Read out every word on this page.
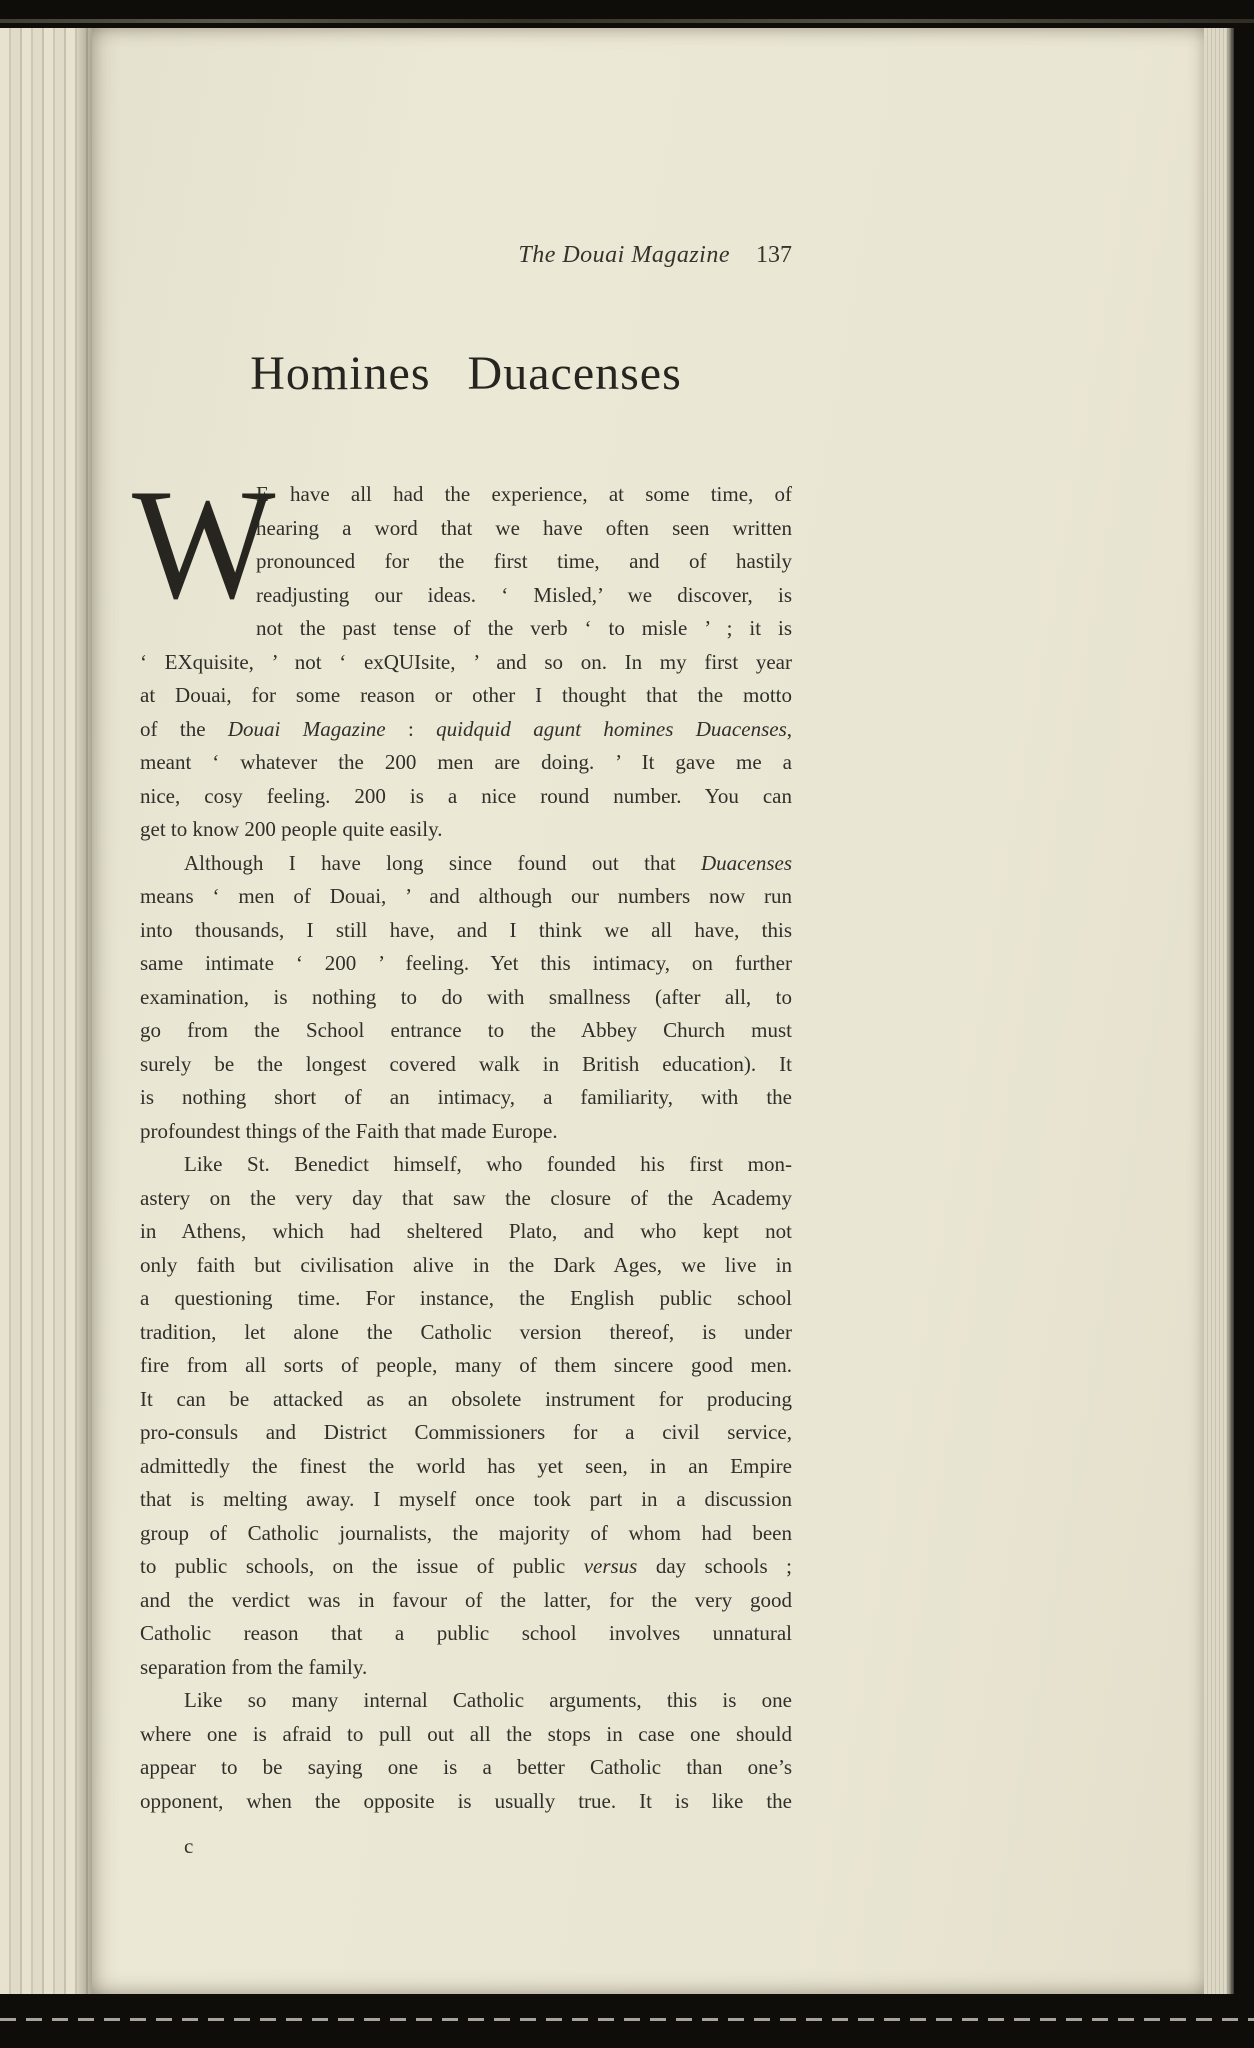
The Douai Magazine 137
Homines Duacenses
W
E have all had the experience, at some time, of
hearing a word that we have often seen written
pronounced for the first time, and of hastily
readjusting our ideas. ‘ Misled,’ we discover, is
not the past tense of the verb ‘ to misle ’ ; it is
‘ EXquisite, ’ not ‘ exQUIsite, ’ and so on. In my first year
at Douai, for some reason or other I thought that the motto
of the Douai Magazine : quidquid agunt homines Duacenses,
meant ‘ whatever the 200 men are doing. ’ It gave me a
nice, cosy feeling. 200 is a nice round number. You can
get to know 200 people quite easily.
Although I have long since found out that Duacenses
means ‘ men of Douai, ’ and although our numbers now run
into thousands, I still have, and I think we all have, this
same intimate ‘ 200 ’ feeling. Yet this intimacy, on further
examination, is nothing to do with smallness (after all, to
go from the School entrance to the Abbey Church must
surely be the longest covered walk in British education). It
is nothing short of an intimacy, a familiarity, with the
profoundest things of the Faith that made Europe.
Like St. Benedict himself, who founded his first mon-
astery on the very day that saw the closure of the Academy
in Athens, which had sheltered Plato, and who kept not
only faith but civilisation alive in the Dark Ages, we live in
a questioning time. For instance, the English public school
tradition, let alone the Catholic version thereof, is under
fire from all sorts of people, many of them sincere good men.
It can be attacked as an obsolete instrument for producing
pro-consuls and District Commissioners for a civil service,
admittedly the finest the world has yet seen, in an Empire
that is melting away. I myself once took part in a discussion
group of Catholic journalists, the majority of whom had been
to public schools, on the issue of public versus day schools ;
and the verdict was in favour of the latter, for the very good
Catholic reason that a public school involves unnatural
separation from the family.
Like so many internal Catholic arguments, this is one
where one is afraid to pull out all the stops in case one should
appear to be saying one is a better Catholic than one’s
opponent, when the opposite is usually true. It is like the
c
